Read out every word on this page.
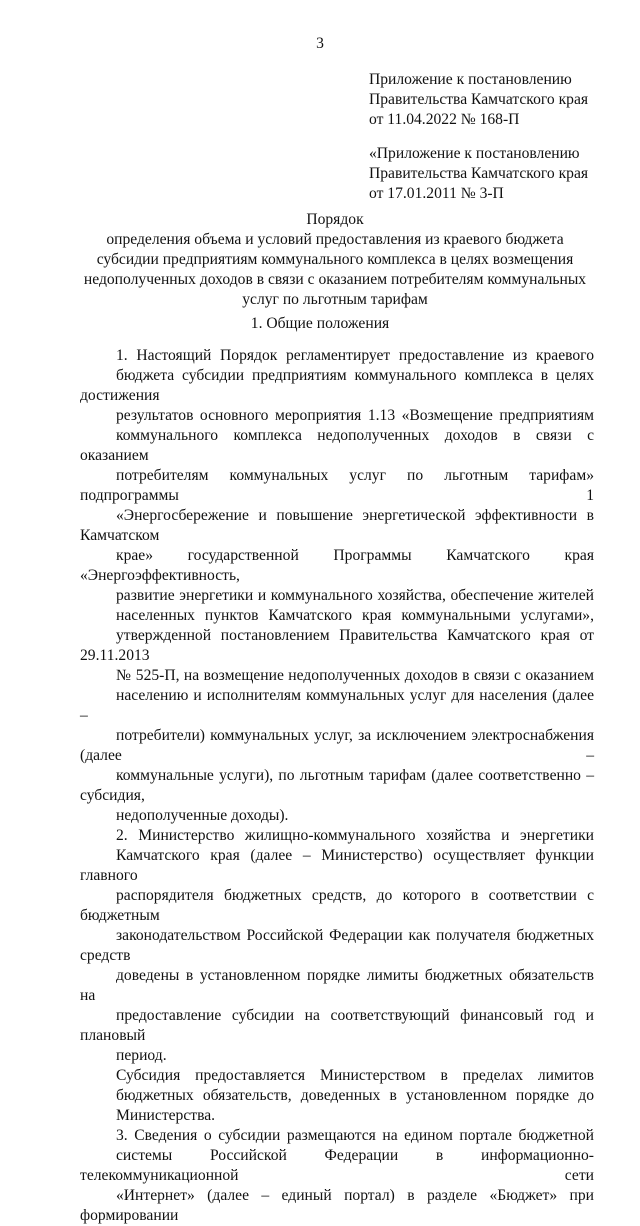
3
Приложение к постановлению
Правительства Камчатского края
от 11.04.2022 № 168-П
«Приложение к постановлению
Правительства Камчатского края
от 17.01.2011 № 3-П
Порядок
определения объема и условий предоставления из краевого бюджета
субсидии предприятиям коммунального комплекса в целях возмещения
недополученных доходов в связи с оказанием потребителям коммунальных
услуг по льготным тарифам
1. Общие положения

1. Настоящий Порядок регламентирует предоставление из краевого
бюджета субсидии предприятиям коммунального комплекса в целях достижения
результатов основного мероприятия 1.13 «Возмещение предприятиям
коммунального комплекса недополученных доходов в связи с оказанием
потребителям коммунальных услуг по льготным тарифам» подпрограммы 1
«Энергосбережение и повышение энергетической эффективности в Камчатском
крае» государственной Программы Камчатского края «Энергоэффективность,
развитие энергетики и коммунального хозяйства, обеспечение жителей
населенных пунктов Камчатского края коммунальными услугами»,
утвержденной постановлением Правительства Камчатского края от 29.11.2013
№ 525-П, на возмещение недополученных доходов в связи с оказанием
населению и исполнителям коммунальных услуг для населения (далее –
потребители) коммунальных услуг, за исключением электроснабжения (далее –
коммунальные услуги), по льготным тарифам (далее соответственно – субсидия,
недополученные доходы).

2. Министерство жилищно-коммунального хозяйства и энергетики
Камчатского края (далее – Министерство) осуществляет функции главного
распорядителя бюджетных средств, до которого в соответствии с бюджетным
законодательством Российской Федерации как получателя бюджетных средств
доведены в установленном порядке лимиты бюджетных обязательств на
предоставление субсидии на соответствующий финансовый год и плановый
период.

Субсидия предоставляется Министерством в пределах лимитов
бюджетных обязательств, доведенных в установленном порядке до
Министерства.

3. Сведения о субсидии размещаются на едином портале бюджетной
системы Российской Федерации в информационно-телекоммуникационной сети
«Интернет» (далее – единый портал) в разделе «Бюджет» при формировании
